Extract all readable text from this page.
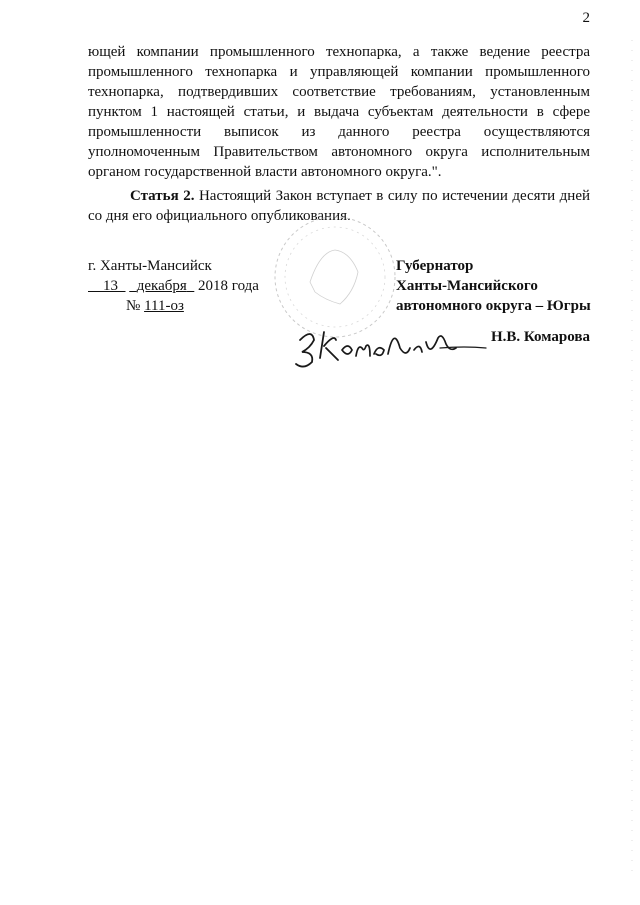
2
ющей компании промышленного технопарка, а также ведение реестра промышленного технопарка и управляющей компании промышленного технопарка, подтвердивших соответствие требованиям, установленным пунктом 1 настоящей статьи, и выдача субъектам деятельности в сфере промышленности выписок из данного реестра осуществляются уполномоченным Правительством автономного округа исполнительным органом государственной власти автономного округа.".
Статья 2. Настоящий Закон вступает в силу по истечении десяти дней со дня его официального опубликования.
г. Ханты-Мансийск
13 декабря 2018 года
№ 111-оз
Губернатор
Ханты-Мансийского
автономного округа – Югры
Н.В. Комарова
